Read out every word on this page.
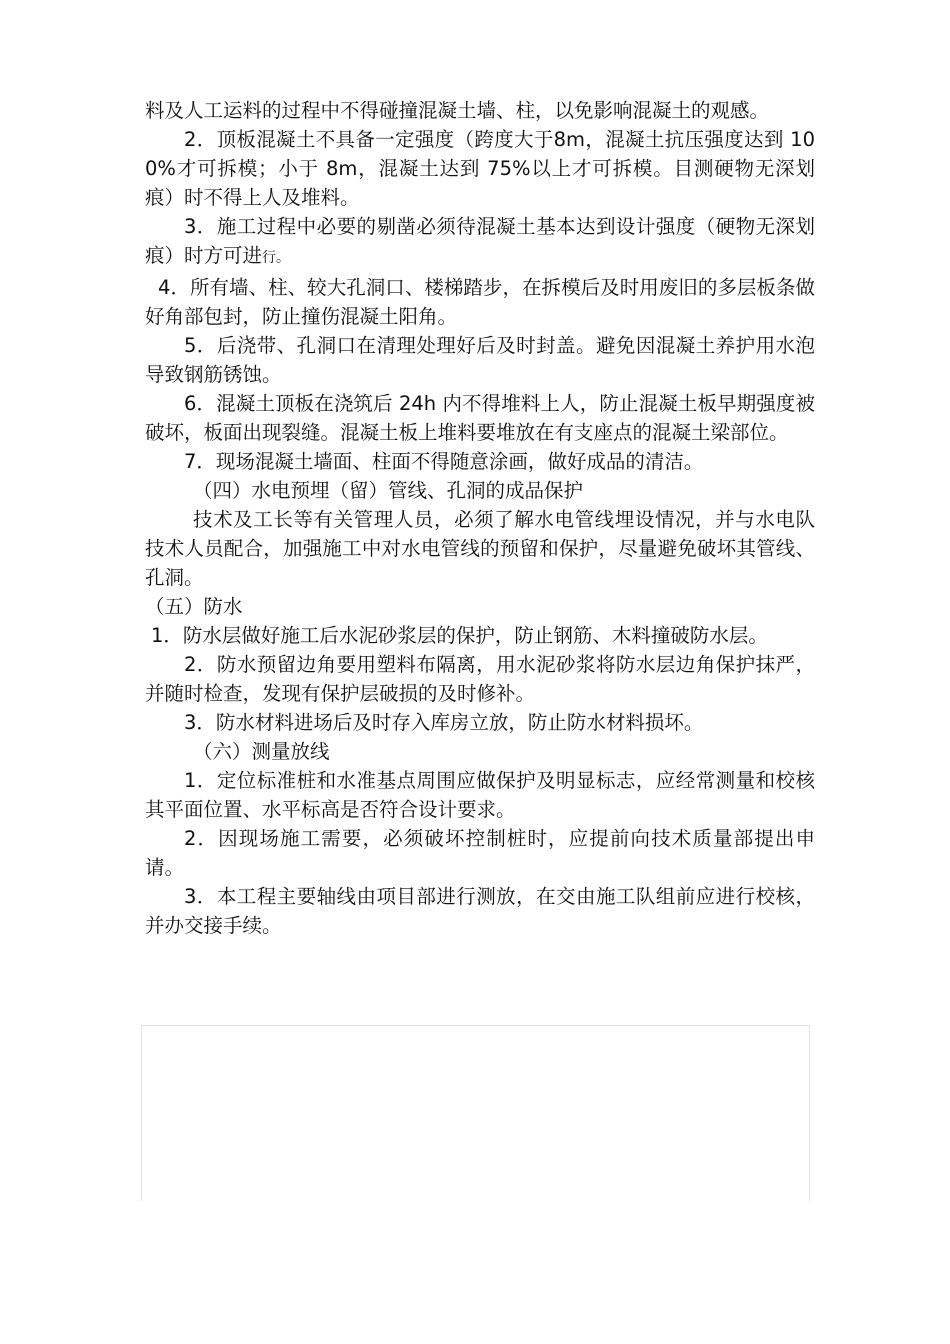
料及人工运料的过程中不得碰撞混凝土墙、柱，以免影响混凝土的观感。

2．顶板混凝土不具备一定强度（跨度大于8m，混凝土抗压强度达到 100%才可拆模；小于 8m，混凝土达到 75%以上才可拆模。目测硬物无深划痕）时不得上人及堆料。

3．施工过程中必要的剔凿必须待混凝土基本达到设计强度（硬物无深划痕）时方可进行。

4．所有墙、柱、较大孔洞口、楼梯踏步，在拆模后及时用废旧的多层板条做好角部包封，防止撞伤混凝土阳角。

5．后浇带、孔洞口在清理处理好后及时封盖。避免因混凝土养护用水泡导致钢筋锈蚀。

6．混凝土顶板在浇筑后 24h 内不得堆料上人，防止混凝土板早期强度被破坏，板面出现裂缝。混凝土板上堆料要堆放在有支座点的混凝土梁部位。

7．现场混凝土墙面、柱面不得随意涂画，做好成品的清洁。

（四）水电预埋（留）管线、孔洞的成品保护

技术及工长等有关管理人员，必须了解水电管线埋设情况，并与水电队技术人员配合，加强施工中对水电管线的预留和保护，尽量避免破坏其管线、孔洞。

（五）防水

1．防水层做好施工后水泥砂浆层的保护，防止钢筋、木料撞破防水层。

2．防水预留边角要用塑料布隔离，用水泥砂浆将防水层边角保护抹严，并随时检查，发现有保护层破损的及时修补。

3．防水材料进场后及时存入库房立放，防止防水材料损坏。

（六）测量放线

1．定位标准桩和水准基点周围应做保护及明显标志，应经常测量和校核其平面位置、水平标高是否符合设计要求。

2．因现场施工需要，必须破坏控制桩时，应提前向技术质量部提出申请。

3．本工程主要轴线由项目部进行测放，在交由施工队组前应进行校核，并办交接手续。
